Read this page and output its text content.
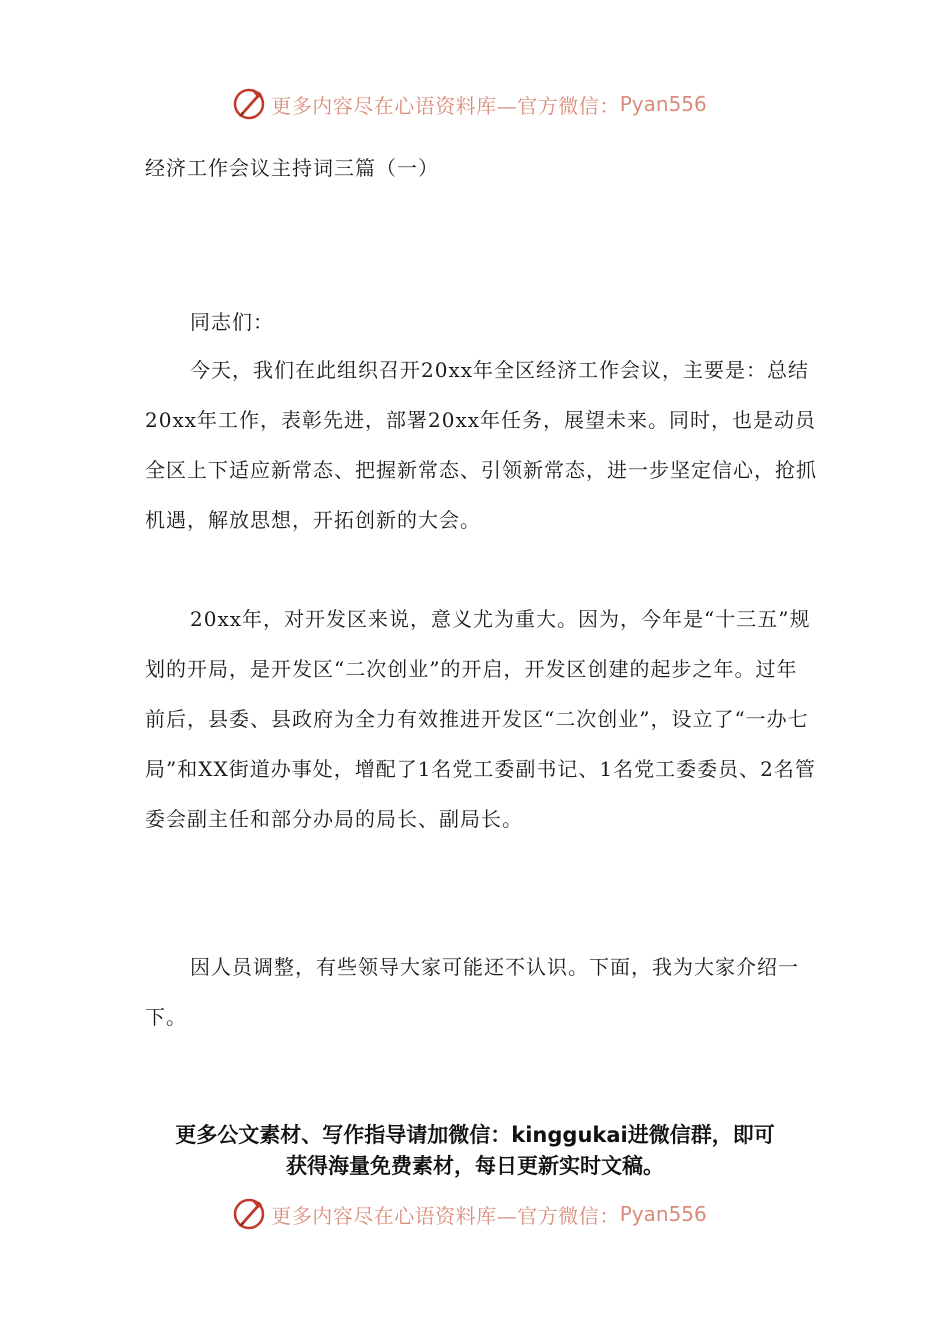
更多内容尽在心语资料库—官方微信： Pyan556
经济工作会议主持词三篇（一）

同志们：

今天，我们在此组织召开20xx年全区经济工作会议，主要是：总结20xx年工作，表彰先进，部署20xx年任务，展望未来。同时，也是动员全区上下适应新常态、把握新常态、引领新常态，进一步坚定信心，抢抓机遇，解放思想，开拓创新的大会。

20xx年，对开发区来说，意义尤为重大。因为，今年是“十三五”规划的开局，是开发区“二次创业”的开启，开发区创建的起步之年。过年前后，县委、县政府为全力有效推进开发区“二次创业”，设立了“一办七局”和XX街道办事处，增配了1名党工委副书记、1名党工委委员、2名管委会副主任和部分办局的局长、副局长。

因人员调整，有些领导大家可能还不认识。下面，我为大家介绍一下。

更多公文素材、写作指导请加微信：kinggukai进微信群，即可
获得海量免费素材，每日更新实时文稿。
更多内容尽在心语资料库—官方微信： Pyan556
